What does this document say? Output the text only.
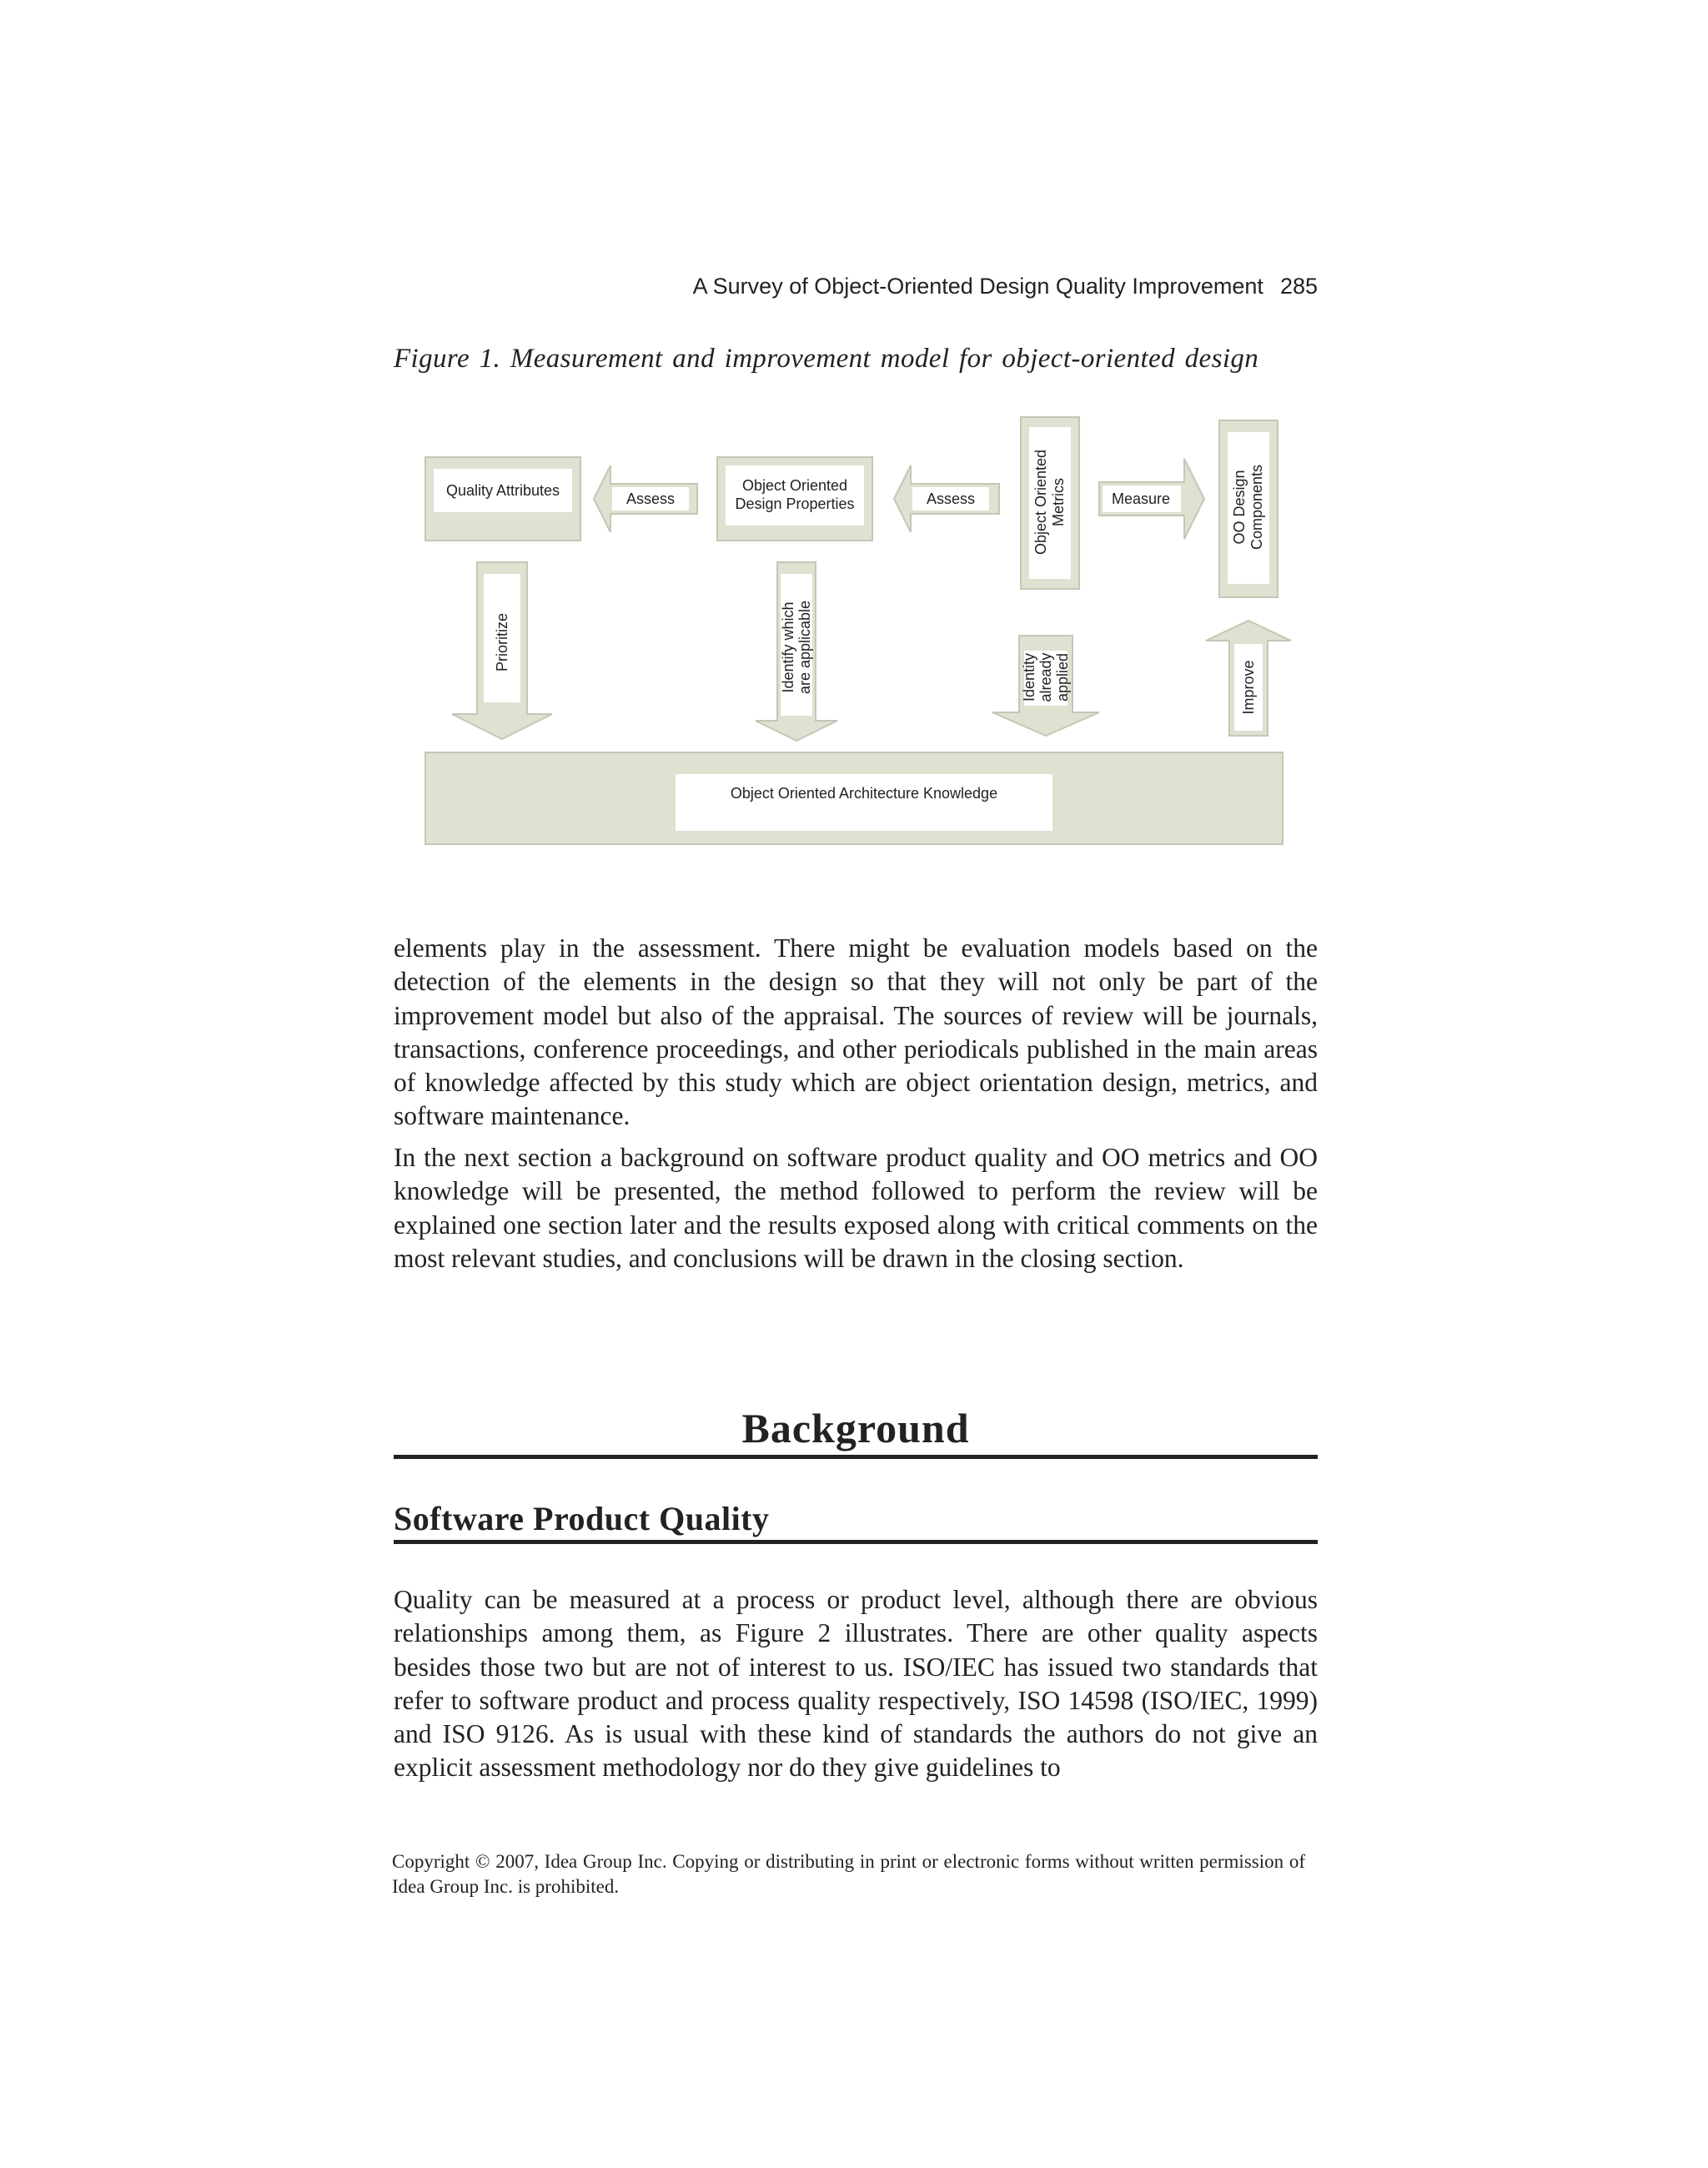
A Survey of Object-Oriented Design Quality Improvement 285
Figure 1. Measurement and improvement model for object-oriented design
Quality Attributes	Object Oriented
Design Properties
Assess	Assess	Measure
Object Oriented Architecture Knowledge
Object Oriented Metrics	OO Design Components
Prioritize	Identify which are applicable	Identity already applied	Improve

elements play in the assessment. There might be evaluation models based on the detection of the elements in the design so that they will not only be part of the improvement model but also of the appraisal. The sources of review will be journals, transactions, conference proceedings, and other periodicals published in the main areas of knowledge affected by this study which are object orientation design, metrics, and software maintenance.

In the next section a background on software product quality and OO metrics and OO knowledge will be presented, the method followed to perform the review will be explained one section later and the results exposed along with critical comments on the most relevant studies, and conclusions will be drawn in the closing section.

Background
Software Product Quality

Quality can be measured at a process or product level, although there are obvious relationships among them, as Figure 2 illustrates. There are other quality aspects besides those two but are not of interest to us. ISO/IEC has issued two standards that refer to software product and process quality respectively, ISO 14598 (ISO/IEC, 1999) and ISO 9126. As is usual with these kind of standards the authors do not give an explicit assessment methodology nor do they give guidelines to

Copyright © 2007, Idea Group Inc. Copying or distributing in print or electronic forms without written permission of Idea Group Inc. is prohibited.
